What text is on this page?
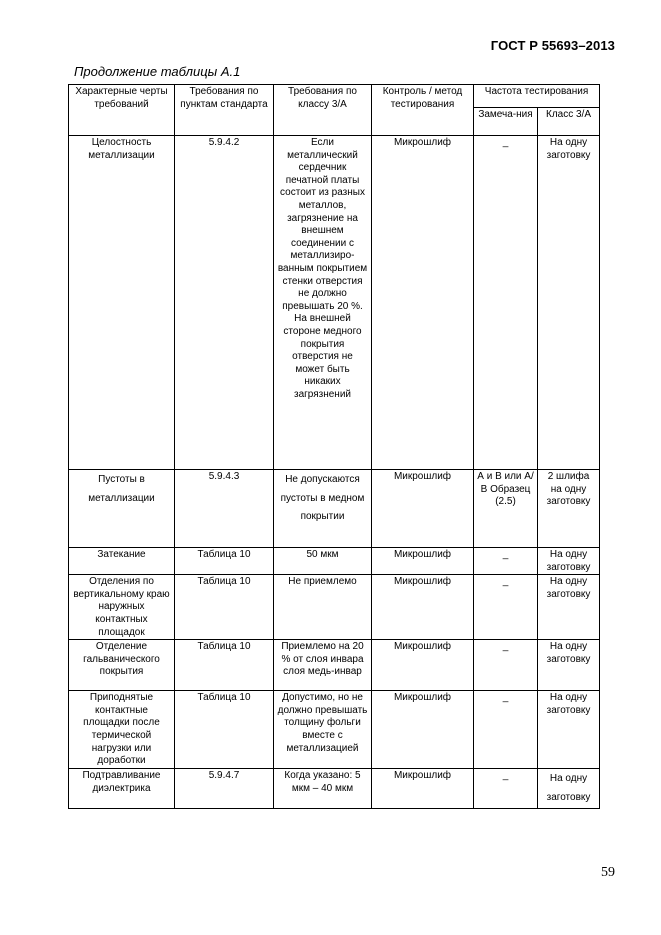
ГОСТ Р 55693–2013
Продолжение таблицы А.1
Характерные черты требований	Требования по пунктам стандарта	Требования по классу 3/А	Контроль / метод тестирования	Частота тестирования	
				Замеча-ния	Класс 3/А
Целостность металлизации	5.9.4.2	Если металлический сердечник печатной платы состоит из разных металлов, загрязнение на внешнем соединении с металлизиро-ванным покрытием стенки отверстия не должно превышать 20 %. На внешней стороне медного покрытия отверстия не может быть никаких загрязнений	Микрошлиф	_	На одну заготовку
Пустоты в металлизации	5.9.4.3	Не допускаются пустоты в медном покрытии	Микрошлиф	А и В или А/В Образец (2.5)	2 шлифа на одну заготовку
Затекание	Таблица 10	50 мкм	Микрошлиф	_	На одну заготовку
Отделения по вертикальному краю наружных контактных площадок	Таблица 10	Не приемлемо	Микрошлиф	_	На одну заготовку
Отделение гальванического покрытия	Таблица 10	Приемлемо на 20 % от слоя инвара слоя медь-инвар	Микрошлиф	_	На одну заготовку
Приподнятые контактные площадки после термической нагрузки или доработки	Таблица 10	Допустимо, но не должно превышать толщину фольги вместе с металлизацией	Микрошлиф	_	На одну заготовку
Подтравливание диэлектрика	5.9.4.7	Когда указано: 5 мкм – 40 мкм	Микрошлиф	_	На одну заготовку
59
